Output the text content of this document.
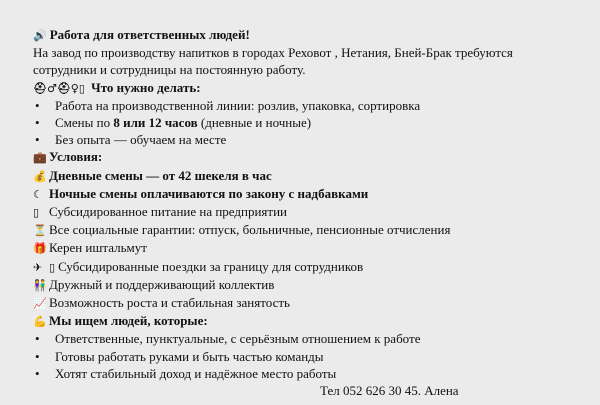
🔊 Работа для ответственных людей!
На завод по производству напитков в городах Реховот , Нетания, Бней-Брак требуются сотрудники и сотрудницы на постоянную работу.
⛑♂⛑♀▯ Что нужно делать:
• Работа на производственной линии: розлив, упаковка, сортировка
• Смены по 8 или 12 часов (дневные и ночные)
• Без опыта — обучаем на месте
💼 Условия:
💰 Дневные смены — от 42 шекеля в час
☾ Ночные смены оплачиваются по закону с надбавками
▯ Субсидированное питание на предприятии
⏳ Все социальные гарантии: отпуск, больничные, пенсионные отчисления
🎁 Керен иштальмут
✈ ▯ Субсидированные поездки за границу для сотрудников
👫 Дружный и поддерживающий коллектив
📈 Возможность роста и стабильная занятость
💪 Мы ищем людей, которые:
• Ответственные, пунктуальные, с серьёзным отношением к работе
• Готовы работать руками и быть частью команды
• Хотят стабильный доход и надёжное место работы
Тел 052 626 30 45. Алена
